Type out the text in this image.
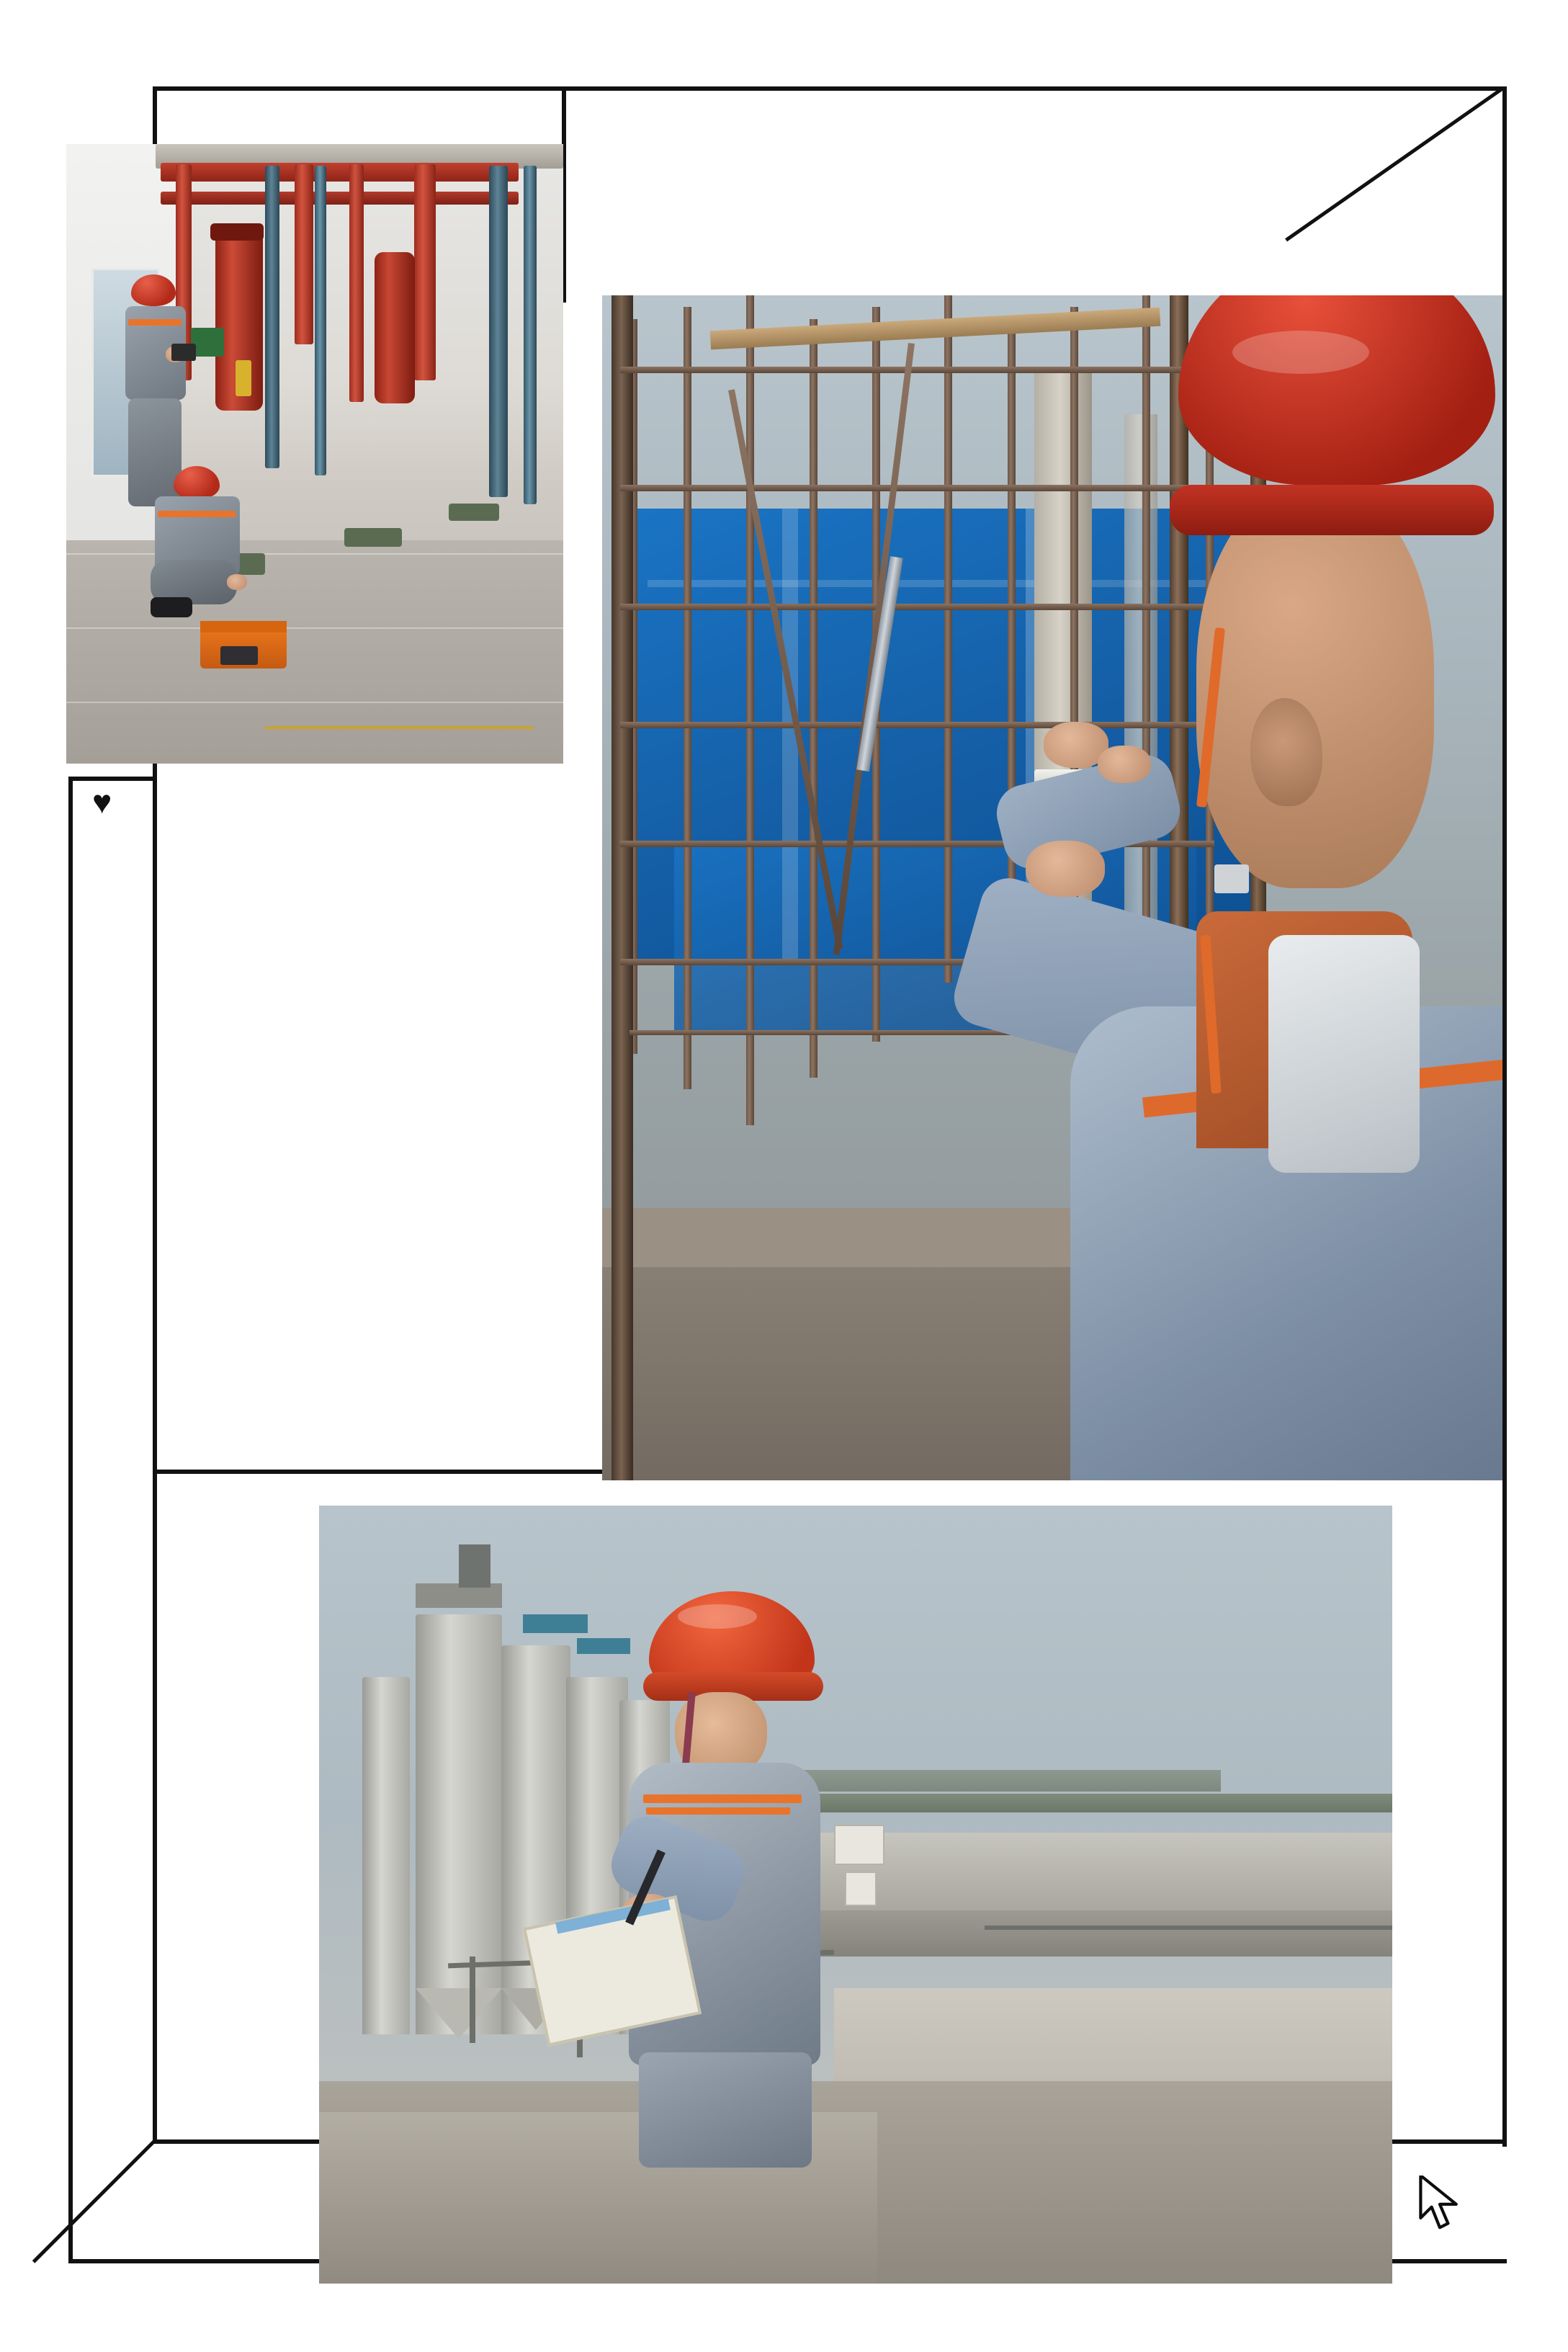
♥
